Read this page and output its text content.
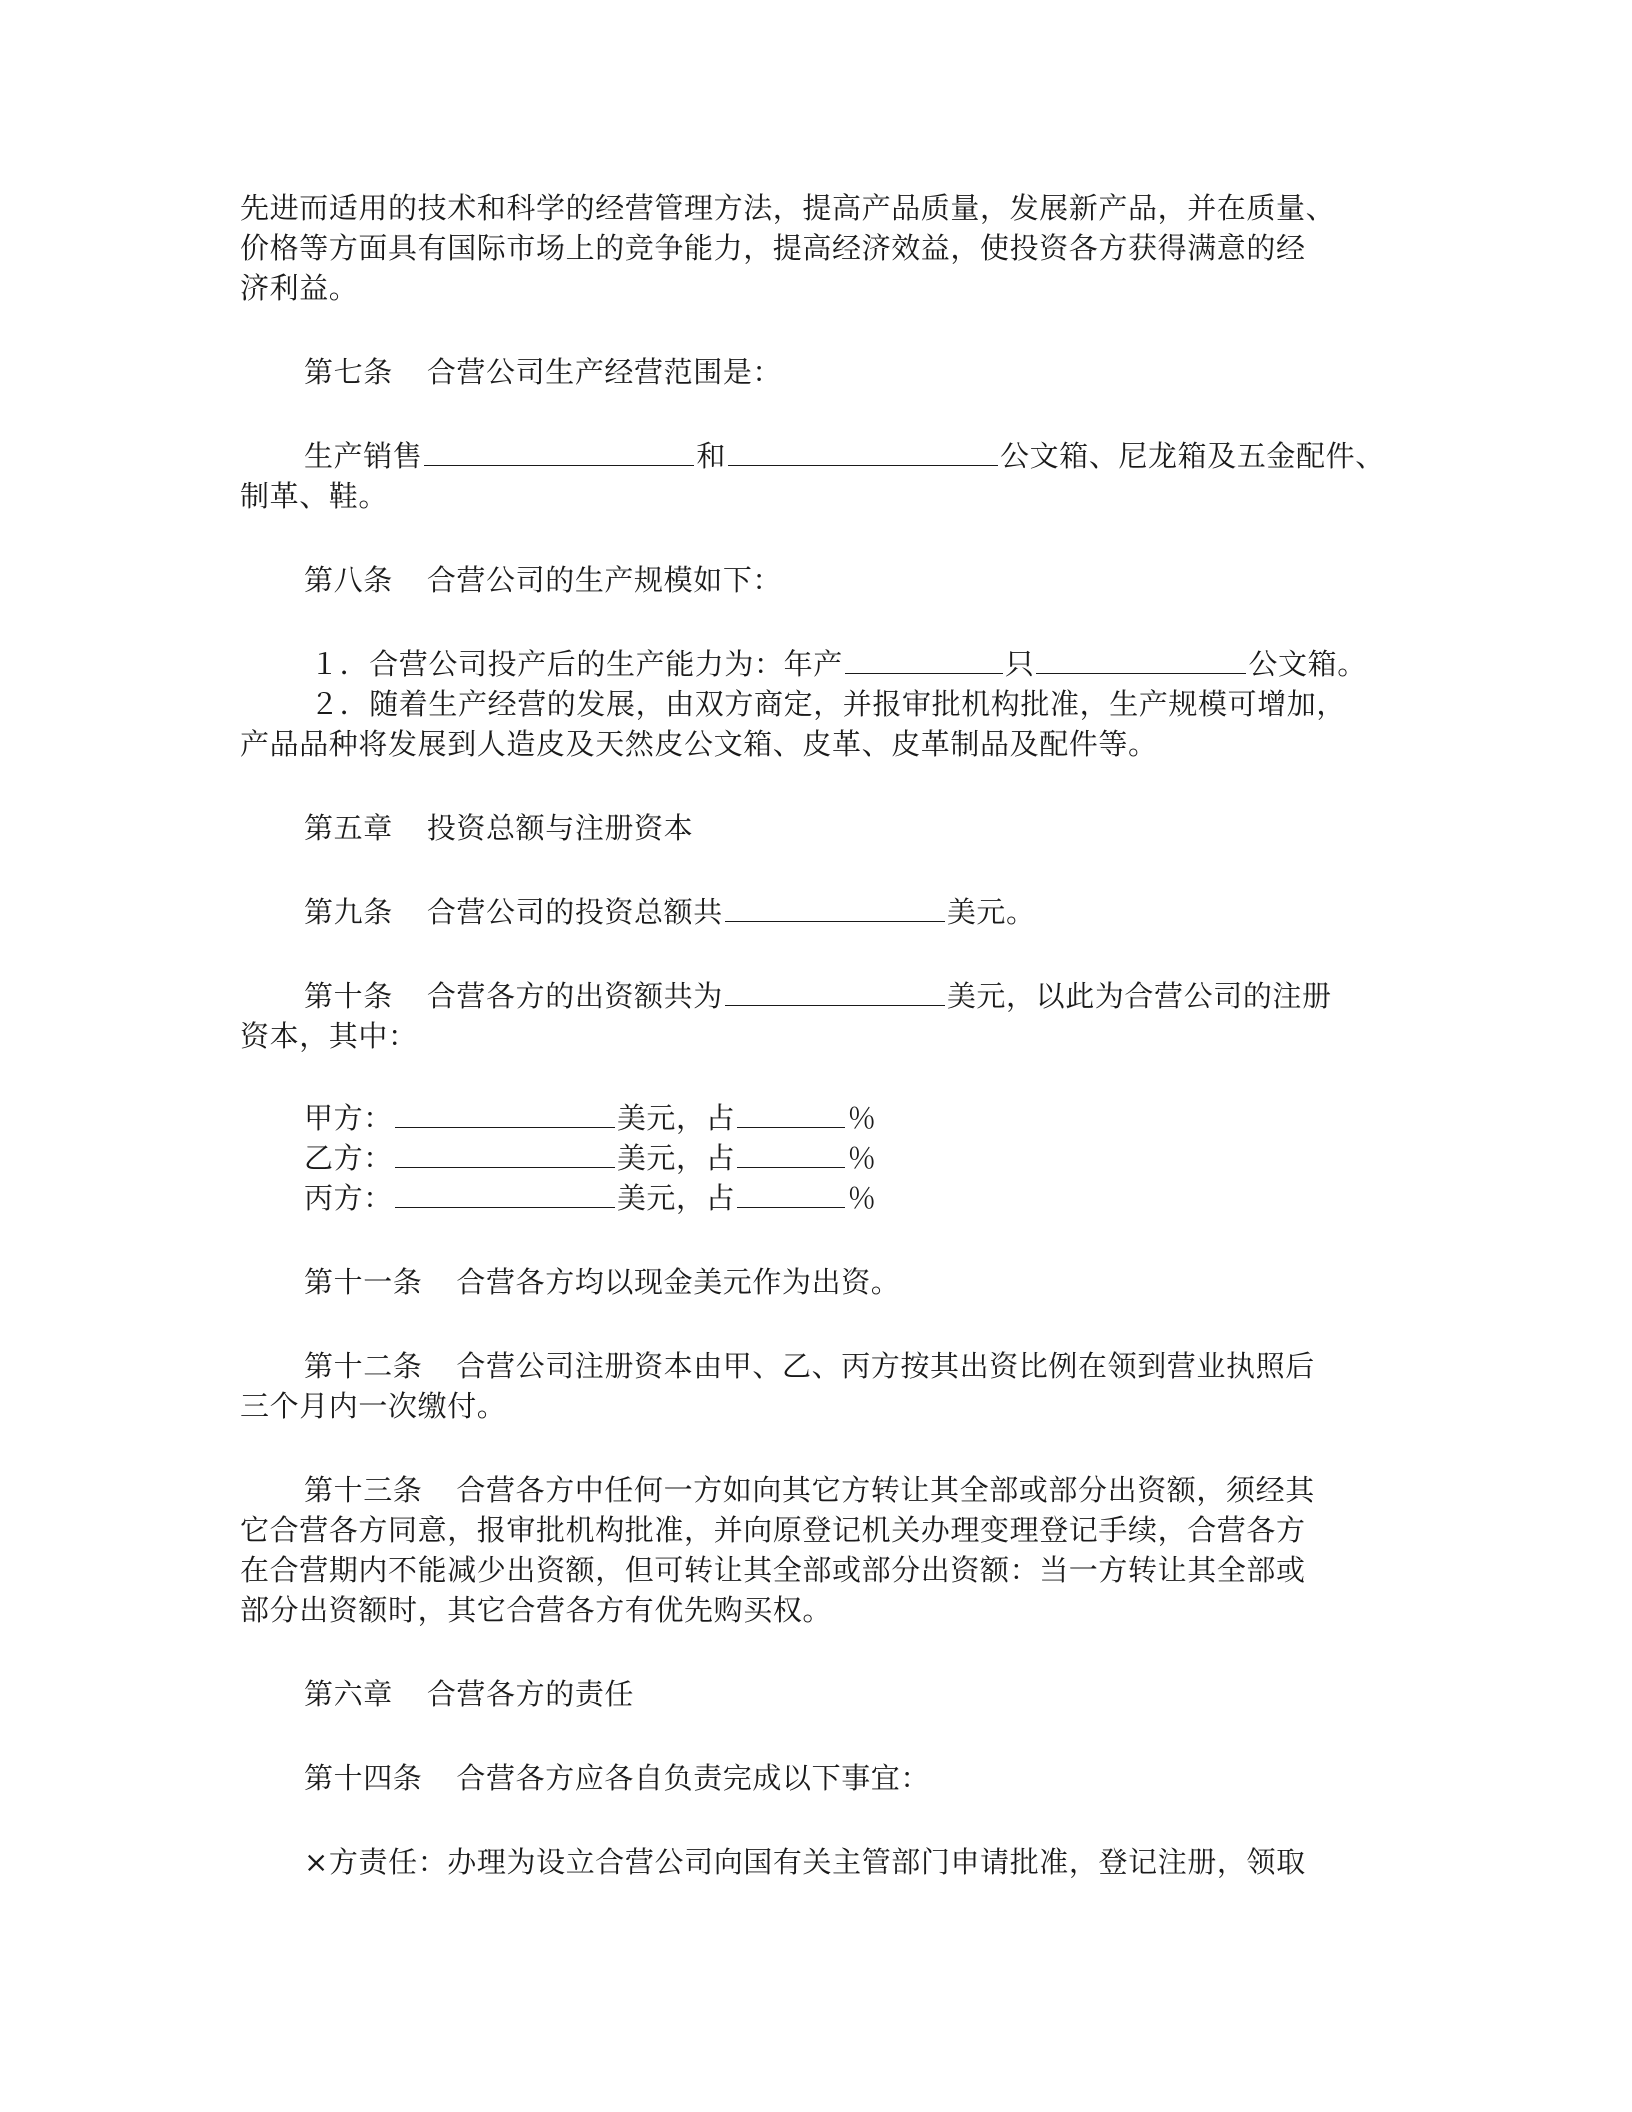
先进而适用的技术和科学的经营管理方法，提高产品质量，发展新产品，并在质量、
价格等方面具有国际市场上的竞争能力，提高经济效益，使投资各方获得满意的经
济利益。
第七条 合营公司生产经营范围是：
生产销售	和	公文箱、尼龙箱及五金配件、
制革、鞋。
第八条 合营公司的生产规模如下：
１．合营公司投产后的生产能力为：年产	只	公文箱。
２．随着生产经营的发展，由双方商定，并报审批机构批准，生产规模可增加，
产品品种将发展到人造皮及天然皮公文箱、皮革、皮革制品及配件等。
第五章 投资总额与注册资本
第九条 合营公司的投资总额共	美元。
第十条 合营各方的出资额共为	美元，以此为合营公司的注册
资本，其中：
甲方：	美元，占	％
乙方：	美元，占	％
丙方：	美元，占	％
第十一条 合营各方均以现金美元作为出资。
第十二条 合营公司注册资本由甲、乙、丙方按其出资比例在领到营业执照后
三个月内一次缴付。
第十三条 合营各方中任何一方如向其它方转让其全部或部分出资额，须经其
它合营各方同意，报审批机构批准，并向原登记机关办理变理登记手续，合营各方
在合营期内不能减少出资额，但可转让其全部或部分出资额：当一方转让其全部或
部分出资额时，其它合营各方有优先购买权。
第六章 合营各方的责任
第十四条 合营各方应各自负责完成以下事宜：
×方责任：办理为设立合营公司向国有关主管部门申请批准，登记注册，领取
